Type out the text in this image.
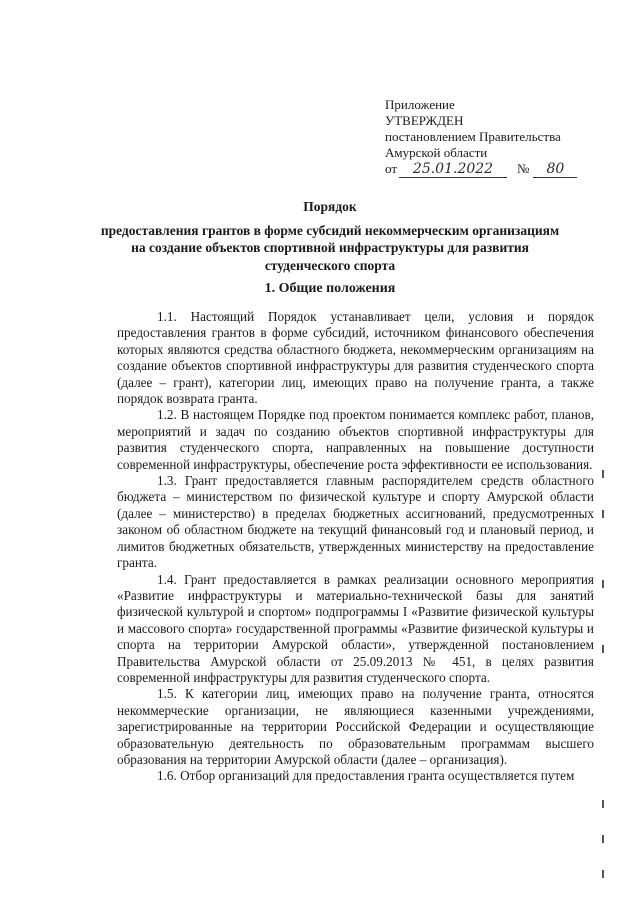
Приложение
УТВЕРЖДЕН
постановлением Правительства
Амурской области
от	25.01.2022	№	80
Порядок
предоставления грантов в форме субсидий некоммерческим организациям
на создание объектов спортивной инфраструктуры для развития
студенческого спорта
1. Общие положения

1.1. Настоящий Порядок устанавливает цели, условия и порядок предоставления грантов в форме субсидий, источником финансового обеспечения которых являются средства областного бюджета, некоммерческим организациям на создание объектов спортивной инфраструктуры для развития студенческого спорта (далее – грант), категории лиц, имеющих право на получение гранта, а также порядок возврата гранта.

1.2. В настоящем Порядке под проектом понимается комплекс работ, планов, мероприятий и задач по созданию объектов спортивной инфраструктуры для развития студенческого спорта, направленных на повышение доступности современной инфраструктуры, обеспечение роста эффективности ее использования.

1.3. Грант предоставляется главным распорядителем средств областного бюджета – министерством по физической культуре и спорту Амурской области (далее – министерство) в пределах бюджетных ассигнований, предусмотренных законом об областном бюджете на текущий финансовый год и плановый период, и лимитов бюджетных обязательств, утвержденных министерству на предоставление гранта.

1.4. Грант предоставляется в рамках реализации основного мероприятия «Развитие инфраструктуры и материально-технической базы для занятий физической культурой и спортом» подпрограммы I «Развитие физической культуры и массового спорта» государственной программы «Развитие физической культуры и спорта на территории Амурской области», утвержденной постановлением Правительства Амурской области от 25.09.2013 № 451, в целях развития современной инфраструктуры для развития студенческого спорта.

1.5. К категории лиц, имеющих право на получение гранта, относятся некоммерческие организации, не являющиеся казенными учреждениями, зарегистрированные на территории Российской Федерации и осуществляющие образовательную деятельность по образовательным программам высшего образования на территории Амурской области (далее – организация).

1.6. Отбор организаций для предоставления гранта осуществляется путем
